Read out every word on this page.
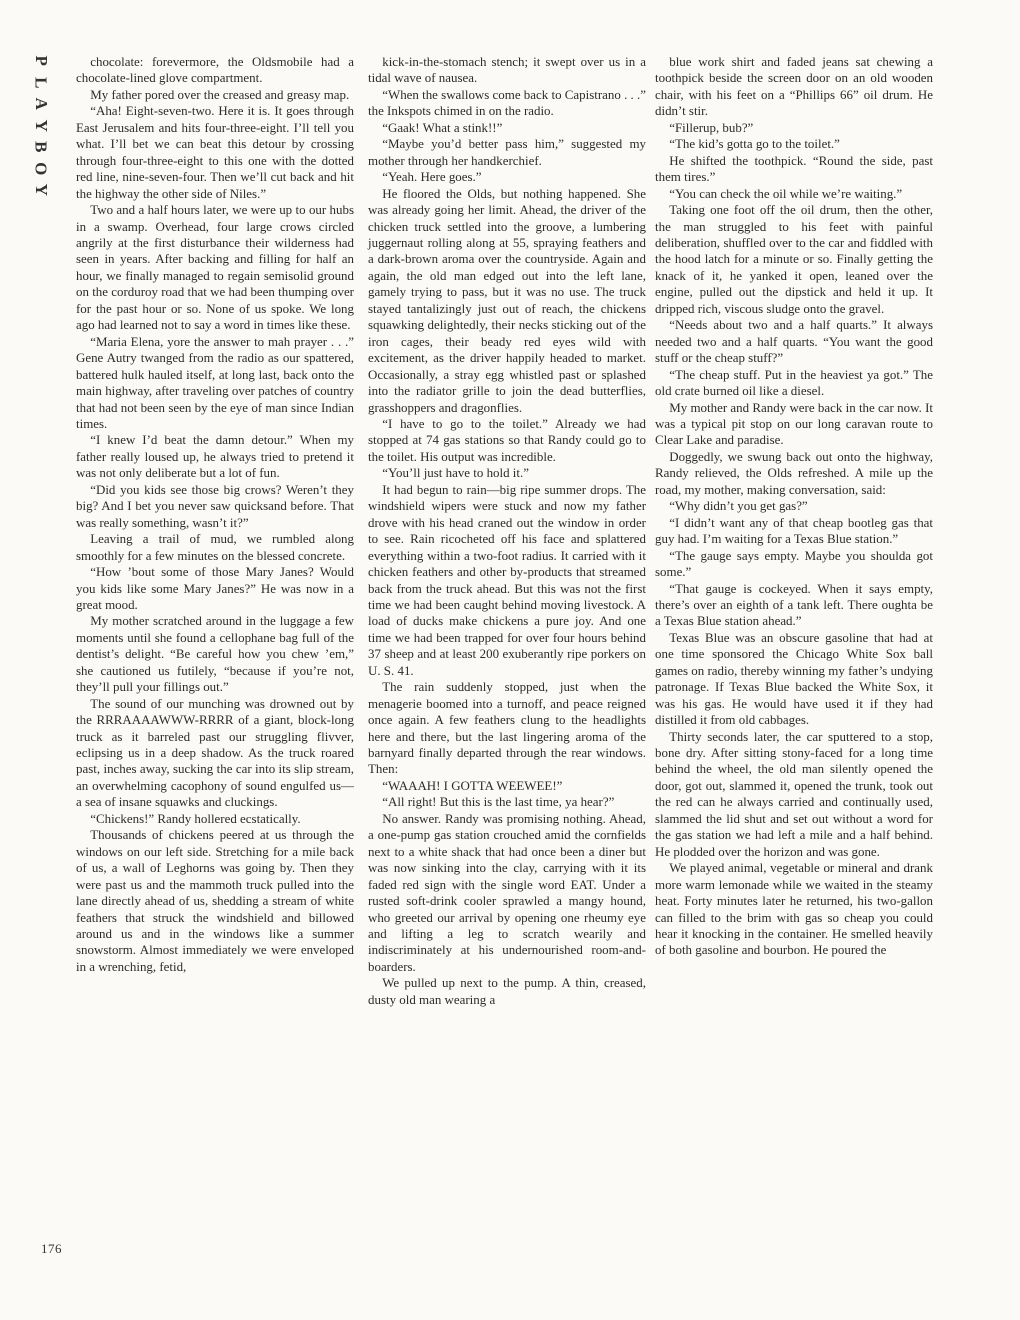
P
L
A
Y
B
O
Y

chocolate: forevermore, the Oldsmobile had a chocolate-lined glove compartment.

My father pored over the creased and greasy map.

“Aha! Eight-seven-two. Here it is. It goes through East Jerusalem and hits four-three-eight. I’ll tell you what. I’ll bet we can beat this detour by crossing through four-three-eight to this one with the dotted red line, nine-seven-four. Then we’ll cut back and hit the highway the other side of Niles.”

Two and a half hours later, we were up to our hubs in a swamp. Overhead, four large crows circled angrily at the first disturbance their wilderness had seen in years. After backing and filling for half an hour, we finally managed to regain semisolid ground on the corduroy road that we had been thumping over for the past hour or so. None of us spoke. We long ago had learned not to say a word in times like these.

“Maria Elena, yore the answer to mah prayer . . .” Gene Autry twanged from the radio as our spattered, battered hulk hauled itself, at long last, back onto the main highway, after traveling over patches of country that had not been seen by the eye of man since Indian times.

“I knew I’d beat the damn detour.” When my father really loused up, he always tried to pretend it was not only deliberate but a lot of fun.

“Did you kids see those big crows? Weren’t they big? And I bet you never saw quicksand before. That was really something, wasn’t it?”

Leaving a trail of mud, we rumbled along smoothly for a few minutes on the blessed concrete.

“How ’bout some of those Mary Janes? Would you kids like some Mary Janes?” He was now in a great mood.

My mother scratched around in the luggage a few moments until she found a cellophane bag full of the dentist’s delight. “Be careful how you chew ’em,” she cautioned us futilely, “because if you’re not, they’ll pull your fillings out.”

The sound of our munching was drowned out by the RRRAAAAWWW-RRRR of a giant, block-long truck as it barreled past our struggling flivver, eclipsing us in a deep shadow. As the truck roared past, inches away, sucking the car into its slip stream, an overwhelming cacophony of sound engulfed us—a sea of insane squawks and cluckings.

“Chickens!” Randy hollered ecstatically.

Thousands of chickens peered at us through the windows on our left side. Stretching for a mile back of us, a wall of Leghorns was going by. Then they were past us and the mammoth truck pulled into the lane directly ahead of us, shedding a stream of white feathers that struck the windshield and billowed around us and in the windows like a summer snowstorm. Almost immediately we were enveloped in a wrenching, fetid,

kick-in-the-stomach stench; it swept over us in a tidal wave of nausea.

“When the swallows come back to Capistrano . . .” the Inkspots chimed in on the radio.

“Gaak! What a stink!!”

“Maybe you’d better pass him,” suggested my mother through her handkerchief.

“Yeah. Here goes.”

He floored the Olds, but nothing happened. She was already going her limit. Ahead, the driver of the chicken truck settled into the groove, a lumbering juggernaut rolling along at 55, spraying feathers and a dark-brown aroma over the countryside. Again and again, the old man edged out into the left lane, gamely trying to pass, but it was no use. The truck stayed tantalizingly just out of reach, the chickens squawking delightedly, their necks sticking out of the iron cages, their beady red eyes wild with excitement, as the driver happily headed to market. Occasionally, a stray egg whistled past or splashed into the radiator grille to join the dead butterflies, grasshoppers and dragonflies.

“I have to go to the toilet.” Already we had stopped at 74 gas stations so that Randy could go to the toilet. His output was incredible.

“You’ll just have to hold it.”

It had begun to rain—big ripe summer drops. The windshield wipers were stuck and now my father drove with his head craned out the window in order to see. Rain ricocheted off his face and splattered everything within a two-foot radius. It carried with it chicken feathers and other by-products that streamed back from the truck ahead. But this was not the first time we had been caught behind moving livestock. A load of ducks make chickens a pure joy. And one time we had been trapped for over four hours behind 37 sheep and at least 200 exuberantly ripe porkers on U. S. 41.

The rain suddenly stopped, just when the menagerie boomed into a turnoff, and peace reigned once again. A few feathers clung to the headlights here and there, but the last lingering aroma of the barnyard finally departed through the rear windows. Then:

“WAAAH! I GOTTA WEEWEE!”

“All right! But this is the last time, ya hear?”

No answer. Randy was promising nothing. Ahead, a one-pump gas station crouched amid the cornfields next to a white shack that had once been a diner but was now sinking into the clay, carrying with it its faded red sign with the single word EAT. Under a rusted soft-drink cooler sprawled a mangy hound, who greeted our arrival by opening one rheumy eye and lifting a leg to scratch wearily and indiscriminately at his undernourished room-and-boarders.

We pulled up next to the pump. A thin, creased, dusty old man wearing a

blue work shirt and faded jeans sat chewing a toothpick beside the screen door on an old wooden chair, with his feet on a “Phillips 66” oil drum. He didn’t stir.

“Fillerup, bub?”

“The kid’s gotta go to the toilet.”

He shifted the toothpick. “Round the side, past them tires.”

“You can check the oil while we’re waiting.”

Taking one foot off the oil drum, then the other, the man struggled to his feet with painful deliberation, shuffled over to the car and fiddled with the hood latch for a minute or so. Finally getting the knack of it, he yanked it open, leaned over the engine, pulled out the dipstick and held it up. It dripped rich, viscous sludge onto the gravel.

“Needs about two and a half quarts.” It always needed two and a half quarts. “You want the good stuff or the cheap stuff?”

“The cheap stuff. Put in the heaviest ya got.” The old crate burned oil like a diesel.

My mother and Randy were back in the car now. It was a typical pit stop on our long caravan route to Clear Lake and paradise.

Doggedly, we swung back out onto the highway, Randy relieved, the Olds refreshed. A mile up the road, my mother, making conversation, said:

“Why didn’t you get gas?”

“I didn’t want any of that cheap bootleg gas that guy had. I’m waiting for a Texas Blue station.”

“The gauge says empty. Maybe you shoulda got some.”

“That gauge is cockeyed. When it says empty, there’s over an eighth of a tank left. There oughta be a Texas Blue station ahead.”

Texas Blue was an obscure gasoline that had at one time sponsored the Chicago White Sox ball games on radio, thereby winning my father’s undying patronage. If Texas Blue backed the White Sox, it was his gas. He would have used it if they had distilled it from old cabbages.

Thirty seconds later, the car sputtered to a stop, bone dry. After sitting stony-faced for a long time behind the wheel, the old man silently opened the door, got out, slammed it, opened the trunk, took out the red can he always carried and continually used, slammed the lid shut and set out without a word for the gas station we had left a mile and a half behind. He plodded over the horizon and was gone.

We played animal, vegetable or mineral and drank more warm lemonade while we waited in the steamy heat. Forty minutes later he returned, his two-gallon can filled to the brim with gas so cheap you could hear it knocking in the container. He smelled heavily of both gasoline and bourbon. He poured the

176
